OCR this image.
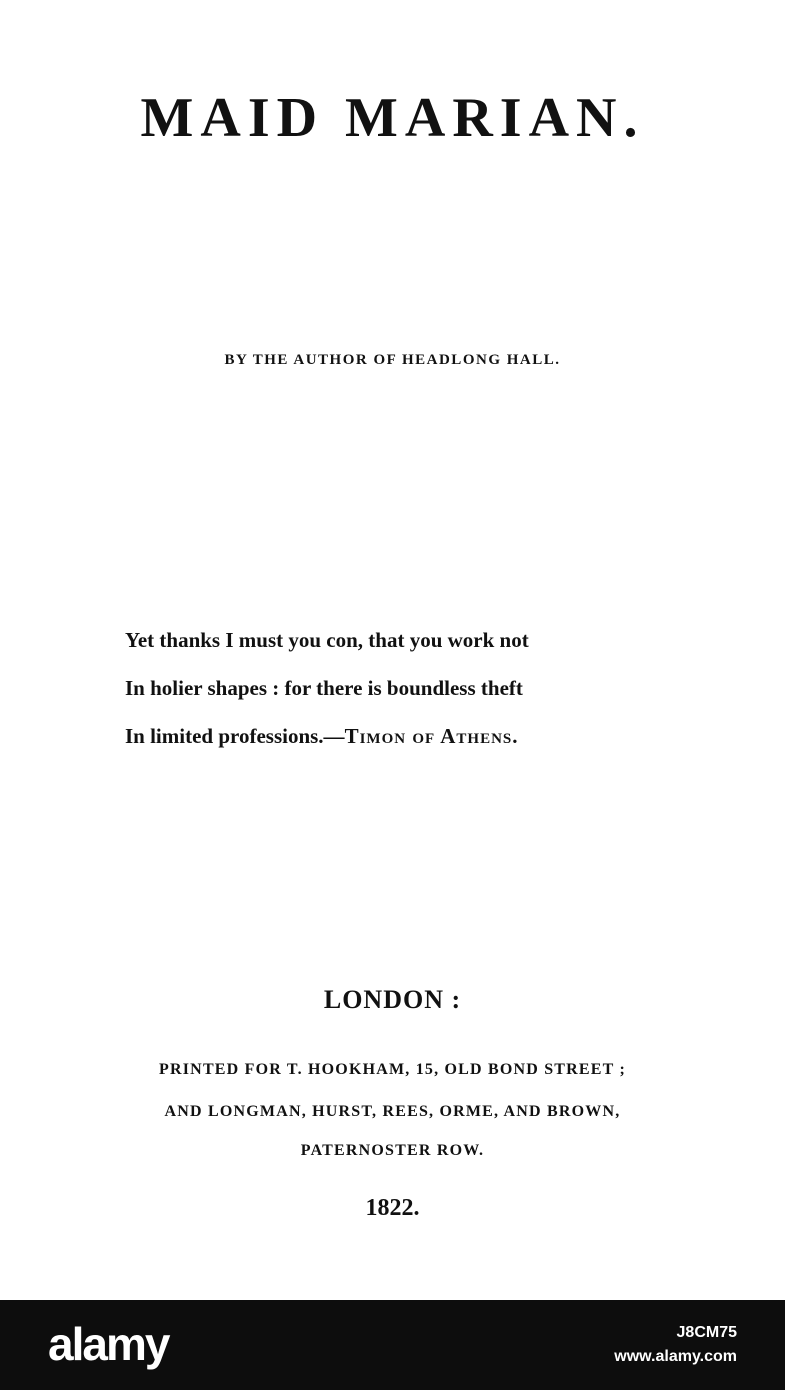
MAID MARIAN.

BY THE AUTHOR OF HEADLONG HALL.

Yet thanks I must you con, that you work not

In holier shapes : for there is boundless theft

In limited professions.—Timon of Athens.

LONDON :

PRINTED FOR T. HOOKHAM, 15, OLD BOND STREET ;

AND LONGMAN, HURST, REES, ORME, AND BROWN,

PATERNOSTER ROW.

1822.

alamy	J8CM75
www.alamy.com
